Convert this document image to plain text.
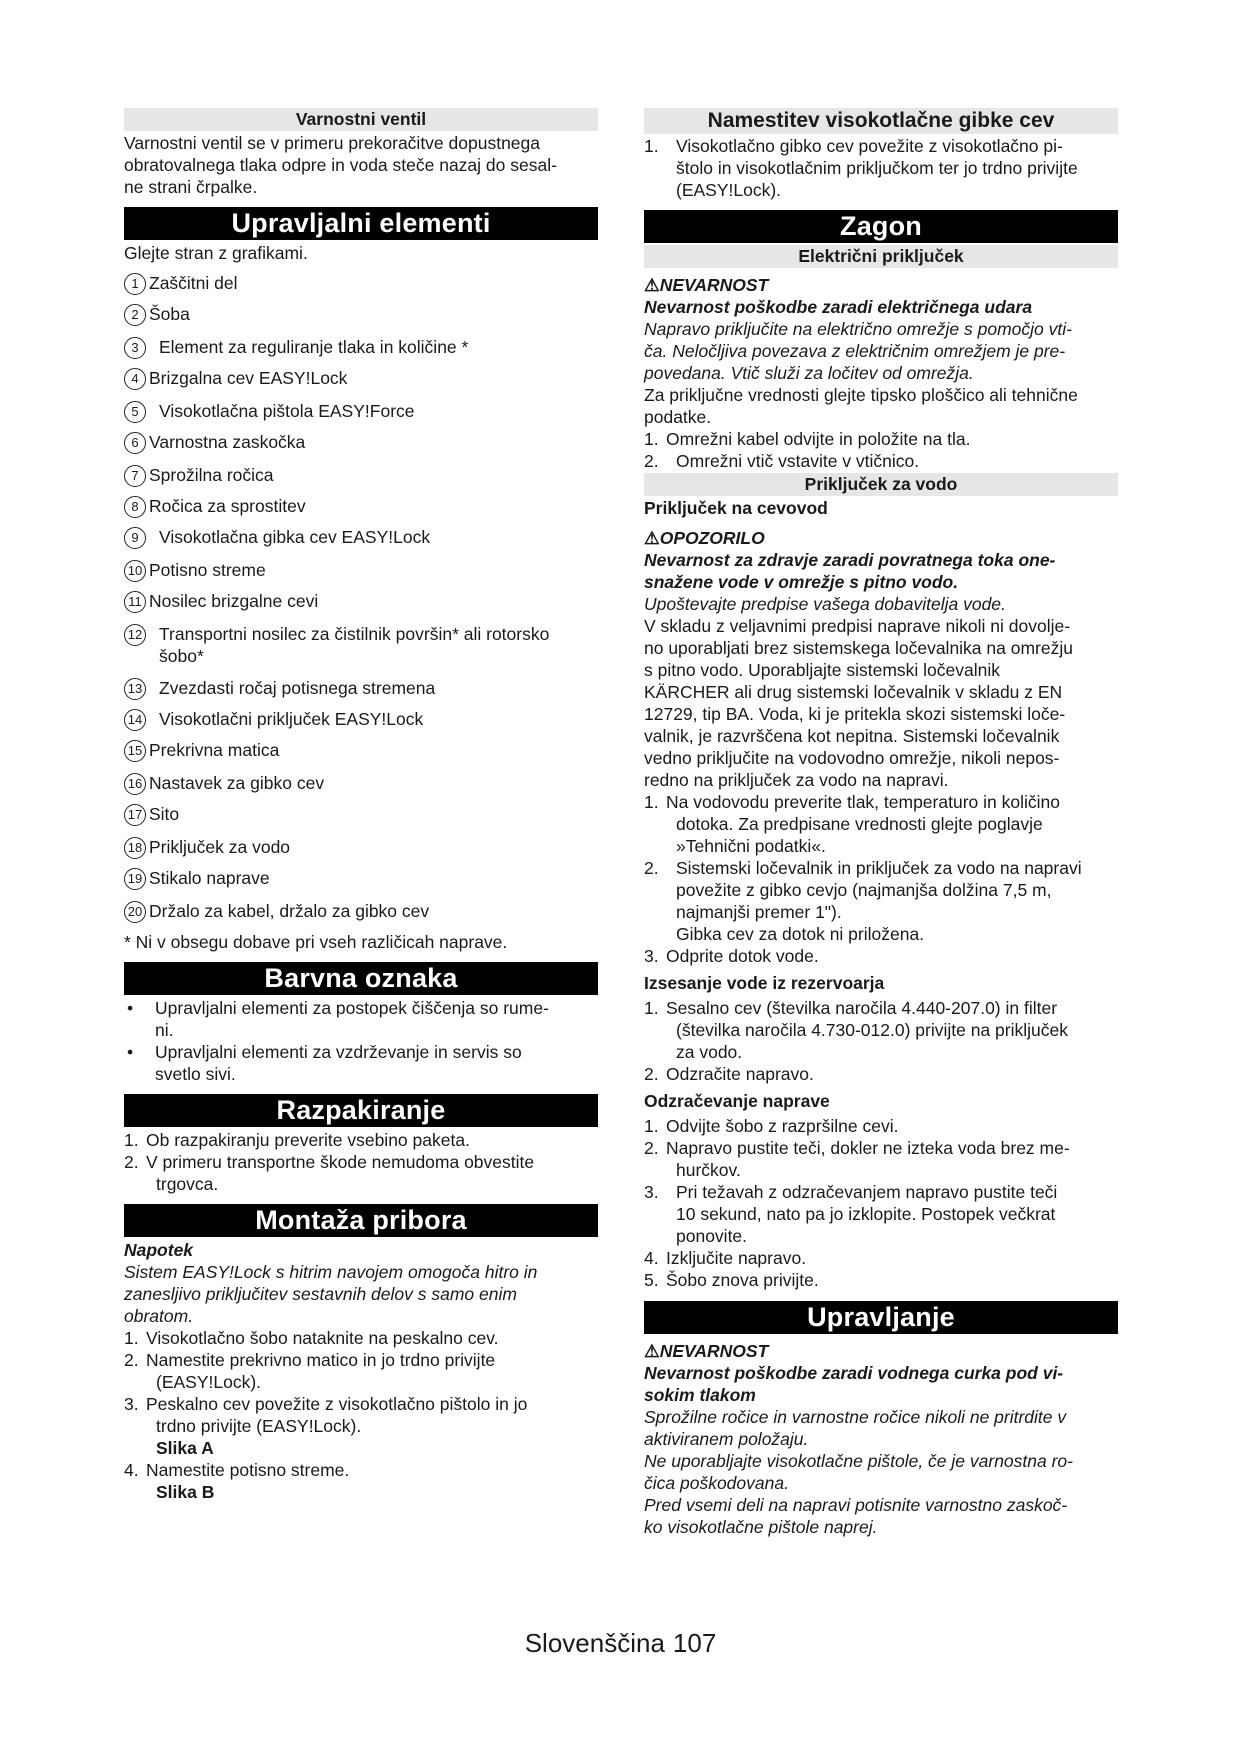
Varnostni ventil

Varnostni ventil se v primeru prekoračitve dopustnega
obratovalnega tlaka odpre in voda steče nazaj do sesal-
ne strani črpalke.

Upravljalni elementi

Glejte stran z grafikami.

1 Zaščitni del
2 Šoba
3	Element za reguliranje tlaka in količine *
4 Brizgalna cev EASY!Lock
5	Visokotlačna pištola EASY!Force
6 Varnostna zaskočka
7 Sprožilna ročica
8 Ročica za sprostitev
9	Visokotlačna gibka cev EASY!Lock
10 Potisno streme
11 Nosilec brizgalne cevi
12 Transportni nosilec za čistilnik površin* ali rotorsko
šobo*
13 Zvezdasti ročaj potisnega stremena
14 Visokotlačni priključek EASY!Lock
15 Prekrivna matica
16 Nastavek za gibko cev
17 Sito
18 Priključek za vodo
19 Stikalo naprave
20 Držalo za kabel, držalo za gibko cev

* Ni v obsegu dobave pri vseh različicah naprave.

Barvna oznaka
• Upravljalni elementi za postopek čiščenja so rume-
ni.
• Upravljalni elementi za vzdrževanje in servis so
svetlo sivi.
Razpakiranje
1. Ob razpakiranju preverite vsebino paketa.
2. V primeru transportne škode nemudoma obvestite
trgovca.
Montaža pribora

Napotek

Sistem EASY!Lock s hitrim navojem omogoča hitro in
zanesljivo priključitev sestavnih delov s samo enim
obratom.

1. Visokotlačno šobo nataknite na peskalno cev.
2. Namestite prekrivno matico in jo trdno privijte
(EASY!Lock).
3. Peskalno cev povežite z visokotlačno pištolo in jo
trdno privijte (EASY!Lock).
Slika A
4. Namestite potisno streme.
Slika B
Namestitev visokotlačne gibke cev
1. Visokotlačno gibko cev povežite z visokotlačno pi-
štolo in visokotlačnim priključkom ter jo trdno privijte
(EASY!Lock).
Zagon
Električni priključek

⚠NEVARNOST

Nevarnost poškodbe zaradi električnega udara

Napravo priključite na električno omrežje s pomočjo vti-
ča. Neločljiva povezava z električnim omrežjem je pre-
povedana. Vtič služi za ločitev od omrežja.

Za priključne vrednosti glejte tipsko ploščico ali tehnične
podatke.

1. Omrežni kabel odvijte in položite na tla.
2. Omrežni vtič vstavite v vtičnico.
Priključek za vodo

Priključek na cevovod

⚠OPOZORILO

Nevarnost za zdravje zaradi povratnega toka one-
snažene vode v omrežje s pitno vodo.

Upoštevajte predpise vašega dobavitelja vode.

V skladu z veljavnimi predpisi naprave nikoli ni dovolje-
no uporabljati brez sistemskega ločevalnika na omrežju
s pitno vodo. Uporabljajte sistemski ločevalnik
KÄRCHER ali drug sistemski ločevalnik v skladu z EN
12729, tip BA. Voda, ki je pritekla skozi sistemski loče-
valnik, je razvrščena kot nepitna. Sistemski ločevalnik
vedno priključite na vodovodno omrežje, nikoli nepos-
redno na priključek za vodo na napravi.

1. Na vodovodu preverite tlak, temperaturo in količino
dotoka. Za predpisane vrednosti glejte poglavje
»Tehnični podatki«.
2. Sistemski ločevalnik in priključek za vodo na napravi
povežite z gibko cevjo (najmanjša dolžina 7,5 m,
najmanjši premer 1").
Gibka cev za dotok ni priložena.
3. Odprite dotok vode.

Izsesanje vode iz rezervoarja

1. Sesalno cev (številka naročila 4.440-207.0) in filter
(številka naročila 4.730-012.0) privijte na priključek
za vodo.
2. Odzračite napravo.

Odzračevanje naprave

1. Odvijte šobo z razpršilne cevi.
2. Napravo pustite teči, dokler ne izteka voda brez me-
hurčkov.
3. Pri težavah z odzračevanjem napravo pustite teči
10 sekund, nato pa jo izklopite. Postopek večkrat
ponovite.
4. Izključite napravo.
5. Šobo znova privijte.
Upravljanje

⚠NEVARNOST

Nevarnost poškodbe zaradi vodnega curka pod vi-
sokim tlakom

Sprožilne ročice in varnostne ročice nikoli ne pritrdite v
aktiviranem položaju.
Ne uporabljajte visokotlačne pištole, če je varnostna ro-
čica poškodovana.
Pred vsemi deli na napravi potisnite varnostno zaskoč-
ko visokotlačne pištole naprej.

Slovenščina 107
